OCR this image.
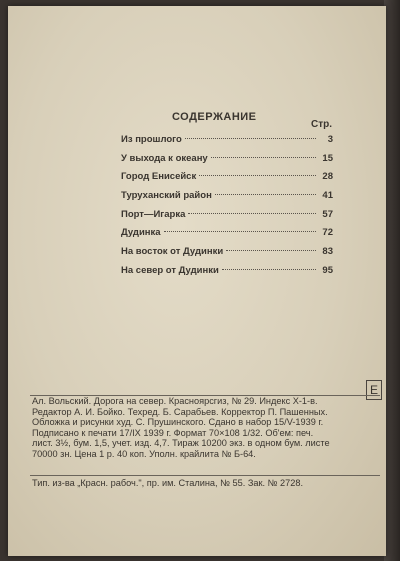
СОДЕРЖАНИЕ
Стр.
Из прошлого	3
У выхода к океану	15
Город Енисейск	28
Туруханский район	41
Порт—Игарка	57
Дудинка	72
На восток от Дудинки	83
На север от Дудинки	95
Е
Ал. Вольский. Дорога на север. Красноярсгиз, № 29. Индекс Х-1-в.
Редактор А. И. Бойко. Техред. Б. Сарабьев. Корректор П. Пашенных.
Обложка и рисунки худ. С. Прушинского. Сдано в набор 15/V-1939 г.
Подписано к печати 17/IX 1939 г. Формат 70×108 1/32. Об'ем: печ.
лист. 3½, бум. 1,5, учет. изд. 4,7. Тираж 10200 экз. в одном бум. листе
70000 зн. Цена 1 р. 40 коп. Уполн. крайлита № Б-64.
Тип. из-ва „Красн. рабоч.", пр. им. Сталина, № 55. Зак. № 2728.
